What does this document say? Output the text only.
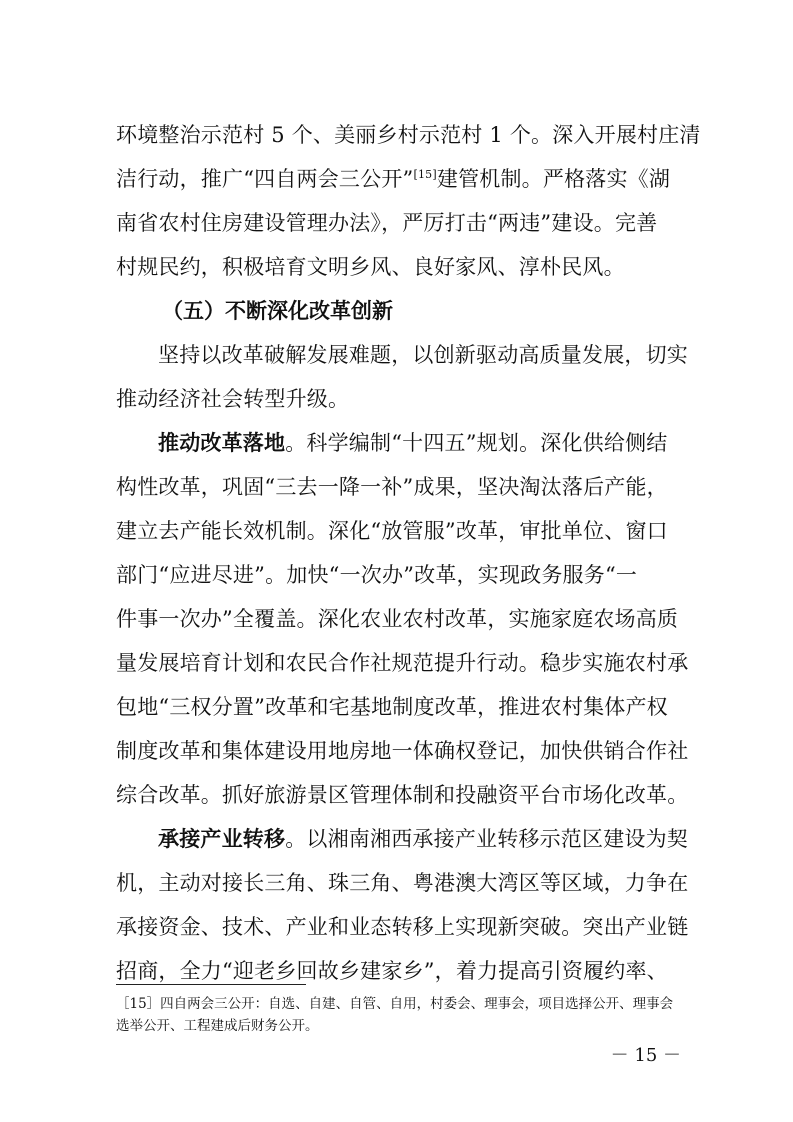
环境整治示范村 5 个、美丽乡村示范村 1 个。深入开展村庄清
洁行动，推广“四自两会三公开”[15]建管机制。严格落实《湖
南省农村住房建设管理办法》，严厉打击“两违”建设。完善
村规民约，积极培育文明乡风、良好家风、淳朴民风。
（五）不断深化改革创新
坚持以改革破解发展难题，以创新驱动高质量发展，切实
推动经济社会转型升级。
推动改革落地。科学编制“十四五”规划。深化供给侧结
构性改革，巩固“三去一降一补”成果，坚决淘汰落后产能，
建立去产能长效机制。深化“放管服”改革，审批单位、窗口
部门“应进尽进”。加快“一次办”改革，实现政务服务“一
件事一次办”全覆盖。深化农业农村改革，实施家庭农场高质
量发展培育计划和农民合作社规范提升行动。稳步实施农村承
包地“三权分置”改革和宅基地制度改革，推进农村集体产权
制度改革和集体建设用地房地一体确权登记，加快供销合作社
综合改革。抓好旅游景区管理体制和投融资平台市场化改革。
承接产业转移。以湘南湘西承接产业转移示范区建设为契
机，主动对接长三角、珠三角、粤港澳大湾区等区域，力争在
承接资金、技术、产业和业态转移上实现新突破。突出产业链
招商，全力“迎老乡回故乡建家乡”，着力提高引资履约率、
［15］四自两会三公开：自选、自建、自管、自用，村委会、理事会，项目选择公开、理事会
选举公开、工程建成后财务公开。
－ 15 －
